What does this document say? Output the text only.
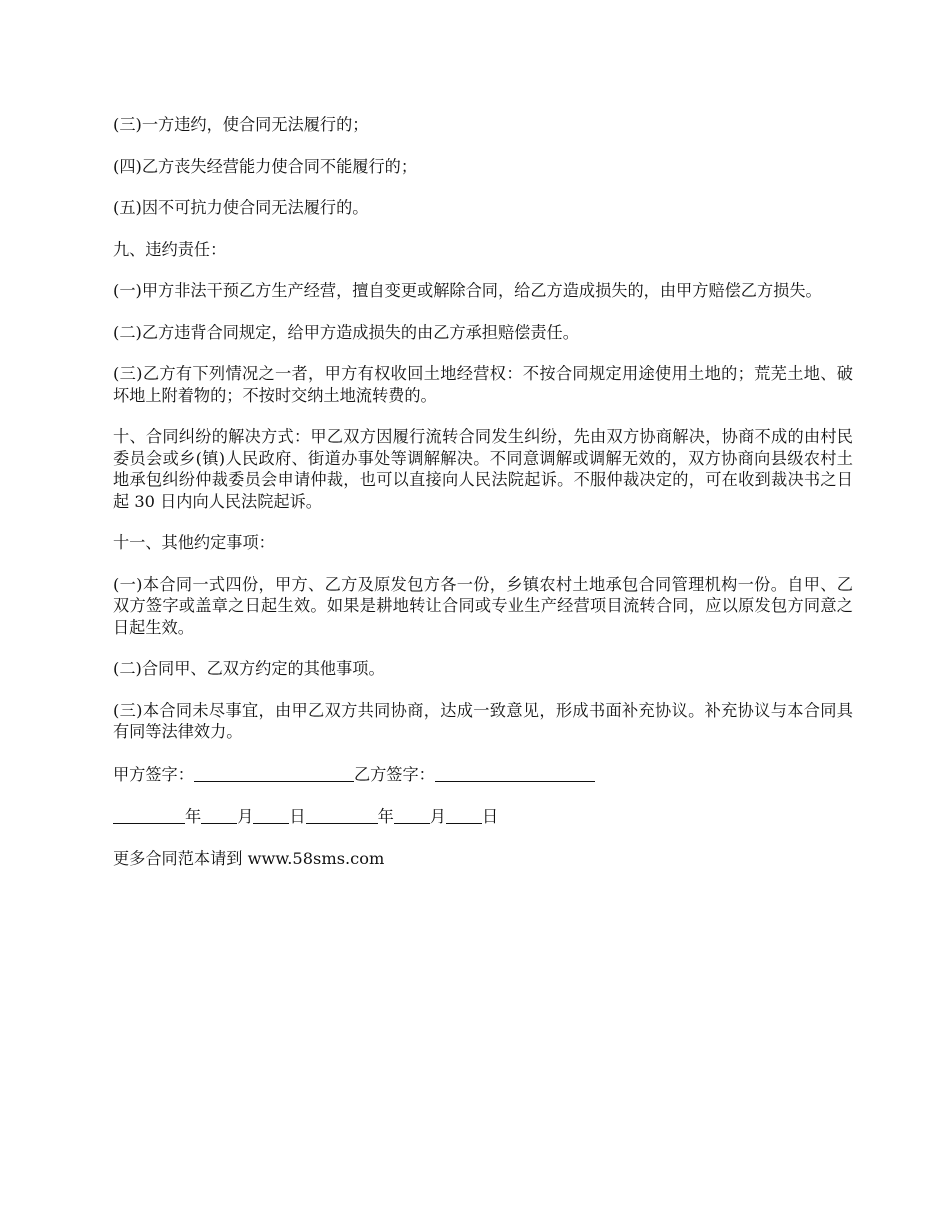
(三)一方违约，使合同无法履行的；

(四)乙方丧失经营能力使合同不能履行的；

(五)因不可抗力使合同无法履行的。

九、违约责任：

(一)甲方非法干预乙方生产经营，擅自变更或解除合同，给乙方造成损失的，由甲方赔偿乙方损失。

(二)乙方违背合同规定，给甲方造成损失的由乙方承担赔偿责任。

(三)乙方有下列情况之一者，甲方有权收回土地经营权：不按合同规定用途使用土地的；荒芜土地、破坏地上附着物的；不按时交纳土地流转费的。

十、合同纠纷的解决方式：甲乙双方因履行流转合同发生纠纷，先由双方协商解决，协商不成的由村民委员会或乡(镇)人民政府、街道办事处等调解解决。不同意调解或调解无效的，双方协商向县级农村土地承包纠纷仲裁委员会申请仲裁，也可以直接向人民法院起诉。不服仲裁决定的，可在收到裁决书之日起 30 日内向人民法院起诉。

十一、其他约定事项：

(一)本合同一式四份，甲方、乙方及原发包方各一份，乡镇农村土地承包合同管理机构一份。自甲、乙双方签字或盖章之日起生效。如果是耕地转让合同或专业生产经营项目流转合同，应以原发包方同意之日起生效。

(二)合同甲、乙双方约定的其他事项。

(三)本合同未尽事宜，由甲乙双方共同协商，达成一致意见，形成书面补充协议。补充协议与本合同具有同等法律效力。

甲方签字：	乙方签字：

年 月 日	年 月 日

更多合同范本请到 www.58sms.com
